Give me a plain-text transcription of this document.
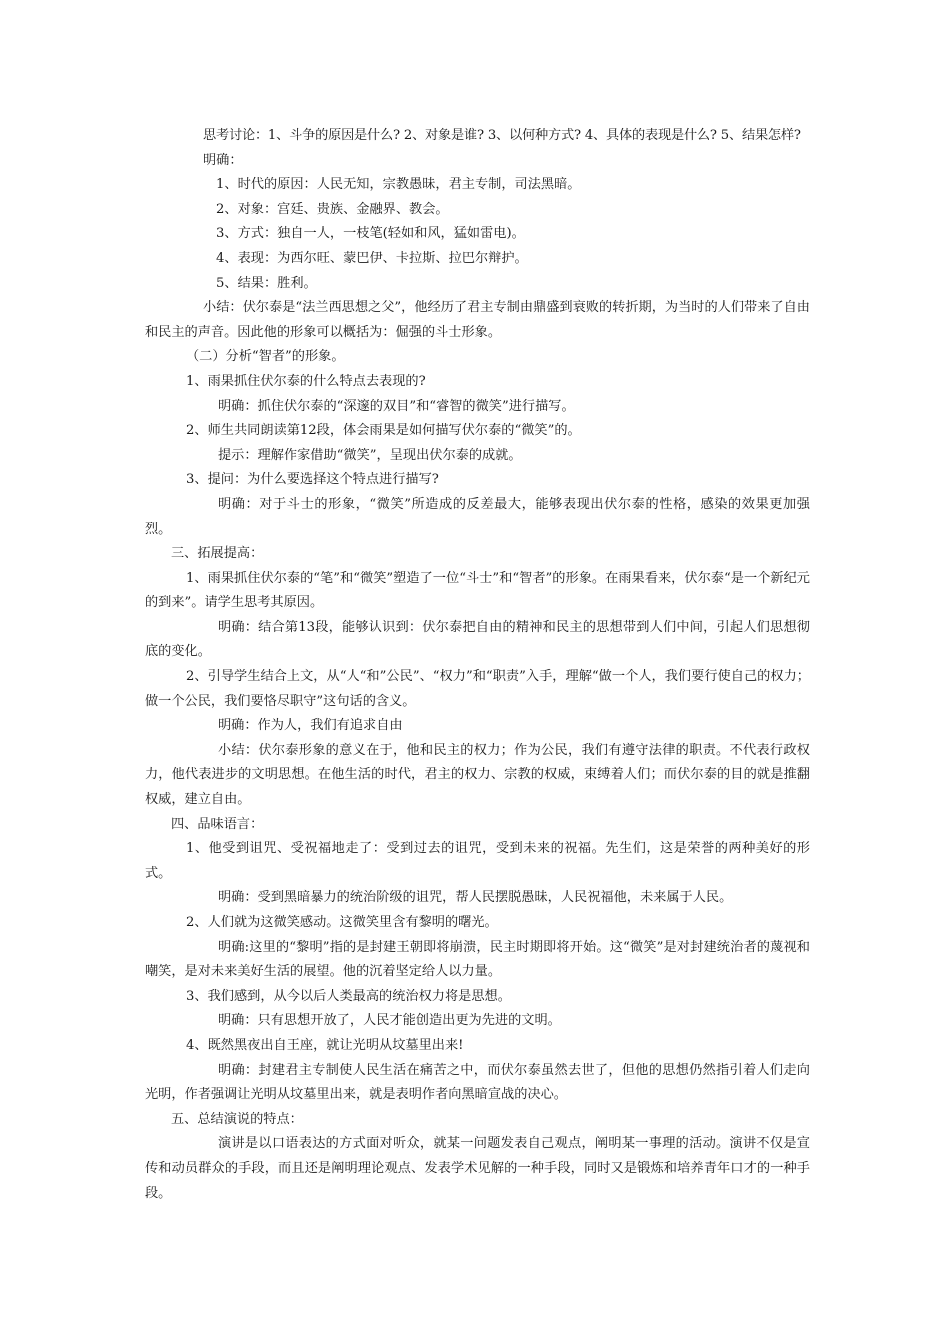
思考讨论：1、斗争的原因是什么? 2、对象是谁? 3、以何种方式? 4、具体的表现是什么? 5、结果怎样?

明确：

1、时代的原因：人民无知，宗教愚昧，君主专制，司法黑暗。

2、对象：宫廷、贵族、金融界、教会。

3、方式：独自一人，一枝笔(轻如和风，猛如雷电)。

4、表现：为西尔旺、蒙巴伊、卡拉斯、拉巴尔辩护。

5、结果：胜利。

小结：伏尔泰是“法兰西思想之父”，他经历了君主专制由鼎盛到衰败的转折期，为当时的人们带来了自由和民主的声音。因此他的形象可以概括为：倔强的斗士形象。

（二）分析“智者”的形象。

1、雨果抓住伏尔泰的什么特点去表现的?

明确：抓住伏尔泰的“深邃的双目”和“睿智的微笑”进行描写。

2、师生共同朗读第12段，体会雨果是如何描写伏尔泰的“微笑”的。

提示：理解作家借助“微笑”，呈现出伏尔泰的成就。

3、提问：为什么要选择这个特点进行描写?

明确：对于斗士的形象，“微笑”所造成的反差最大，能够表现出伏尔泰的性格，感染的效果更加强烈。

三、拓展提高：

1、雨果抓住伏尔泰的“笔”和“微笑”塑造了一位“斗士”和“智者”的形象。在雨果看来，伏尔泰“是一个新纪元的到来”。请学生思考其原因。

明确：结合第13段，能够认识到：伏尔泰把自由的精神和民主的思想带到人们中间，引起人们思想彻底的变化。

2、引导学生结合上文，从“人“和”公民”、“权力”和“职责”入手，理解“做一个人，我们要行使自己的权力；做一个公民，我们要恪尽职守”这句话的含义。

明确：作为人，我们有追求自由

小结：伏尔泰形象的意义在于，他和民主的权力；作为公民，我们有遵守法律的职责。不代表行政权力，他代表进步的文明思想。在他生活的时代，君主的权力、宗教的权威，束缚着人们；而伏尔泰的目的就是推翻权威，建立自由。

四、品味语言：

1、他受到诅咒、受祝福地走了：受到过去的诅咒，受到未来的祝福。先生们，这是荣誉的两种美好的形式。

明确：受到黑暗暴力的统治阶级的诅咒，帮人民摆脱愚昧，人民祝福他，未来属于人民。

2、人们就为这微笑感动。这微笑里含有黎明的曙光。

明确:这里的“黎明”指的是封建王朝即将崩溃，民主时期即将开始。这“微笑”是对封建统治者的蔑视和嘲笑，是对未来美好生活的展望。他的沉着坚定给人以力量。

3、我们感到，从今以后人类最高的统治权力将是思想。

明确：只有思想开放了，人民才能创造出更为先进的文明。

4、既然黑夜出自王座，就让光明从坟墓里出来!

明确：封建君主专制使人民生活在痛苦之中，而伏尔泰虽然去世了，但他的思想仍然指引着人们走向光明，作者强调让光明从坟墓里出来，就是表明作者向黑暗宣战的决心。

五、总结演说的特点：

演讲是以口语表达的方式面对听众，就某一问题发表自己观点，阐明某一事理的活动。演讲不仅是宣传和动员群众的手段，而且还是阐明理论观点、发表学术见解的一种手段，同时又是锻炼和培养青年口才的一种手段。
